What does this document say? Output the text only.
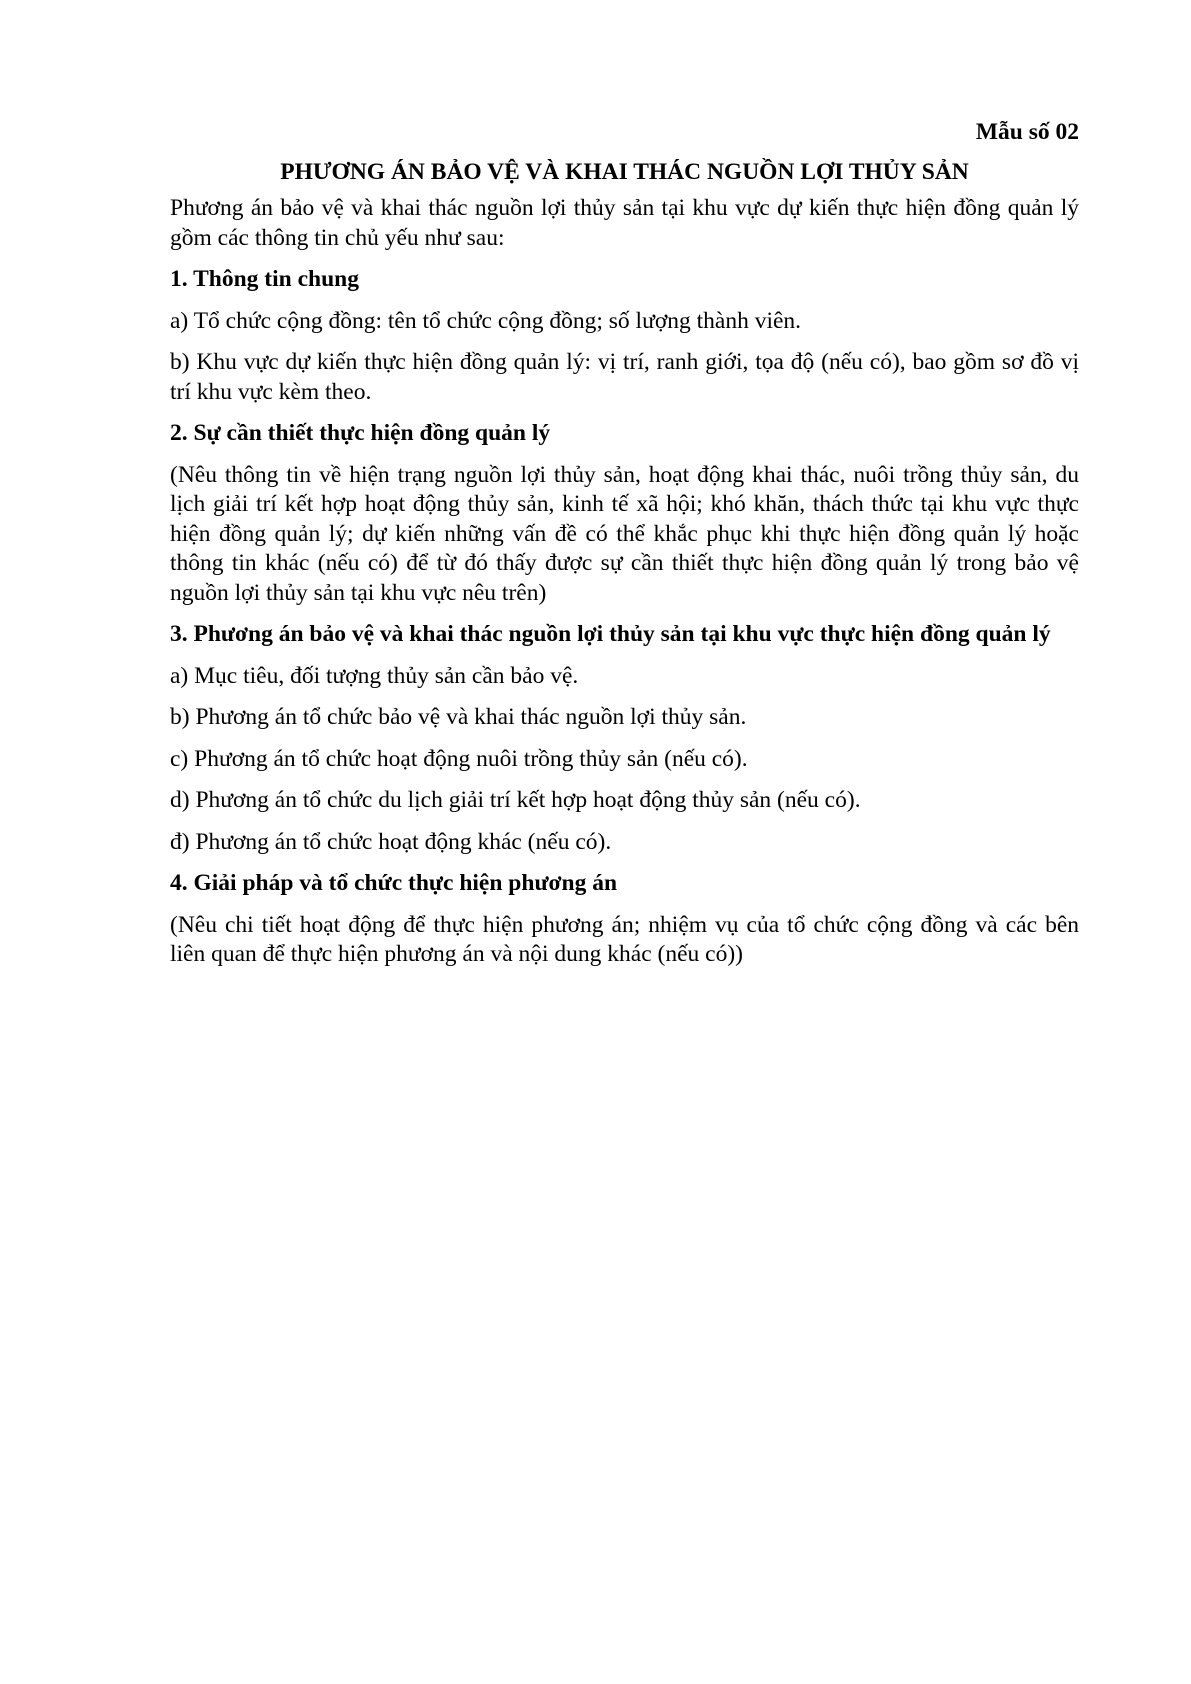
Mẫu số 02

PHƯƠNG ÁN BẢO VỆ VÀ KHAI THÁC NGUỒN LỢI THỦY SẢN

Phương án bảo vệ và khai thác nguồn lợi thủy sản tại khu vực dự kiến thực hiện đồng quản lý gồm các thông tin chủ yếu như sau:

1. Thông tin chung

a) Tổ chức cộng đồng: tên tổ chức cộng đồng; số lượng thành viên.

b) Khu vực dự kiến thực hiện đồng quản lý: vị trí, ranh giới, tọa độ (nếu có), bao gồm sơ đồ vị trí khu vực kèm theo.

2. Sự cần thiết thực hiện đồng quản lý

(Nêu thông tin về hiện trạng nguồn lợi thủy sản, hoạt động khai thác, nuôi trồng thủy sản, du lịch giải trí kết hợp hoạt động thủy sản, kinh tế xã hội; khó khăn, thách thức tại khu vực thực hiện đồng quản lý; dự kiến những vấn đề có thể khắc phục khi thực hiện đồng quản lý hoặc thông tin khác (nếu có) để từ đó thấy được sự cần thiết thực hiện đồng quản lý trong bảo vệ nguồn lợi thủy sản tại khu vực nêu trên)

3. Phương án bảo vệ và khai thác nguồn lợi thủy sản tại khu vực thực hiện đồng quản lý

a) Mục tiêu, đối tượng thủy sản cần bảo vệ.

b) Phương án tổ chức bảo vệ và khai thác nguồn lợi thủy sản.

c) Phương án tổ chức hoạt động nuôi trồng thủy sản (nếu có).

d) Phương án tổ chức du lịch giải trí kết hợp hoạt động thủy sản (nếu có).

đ) Phương án tổ chức hoạt động khác (nếu có).

4. Giải pháp và tổ chức thực hiện phương án

(Nêu chi tiết hoạt động để thực hiện phương án; nhiệm vụ của tổ chức cộng đồng và các bên liên quan để thực hiện phương án và nội dung khác (nếu có))
